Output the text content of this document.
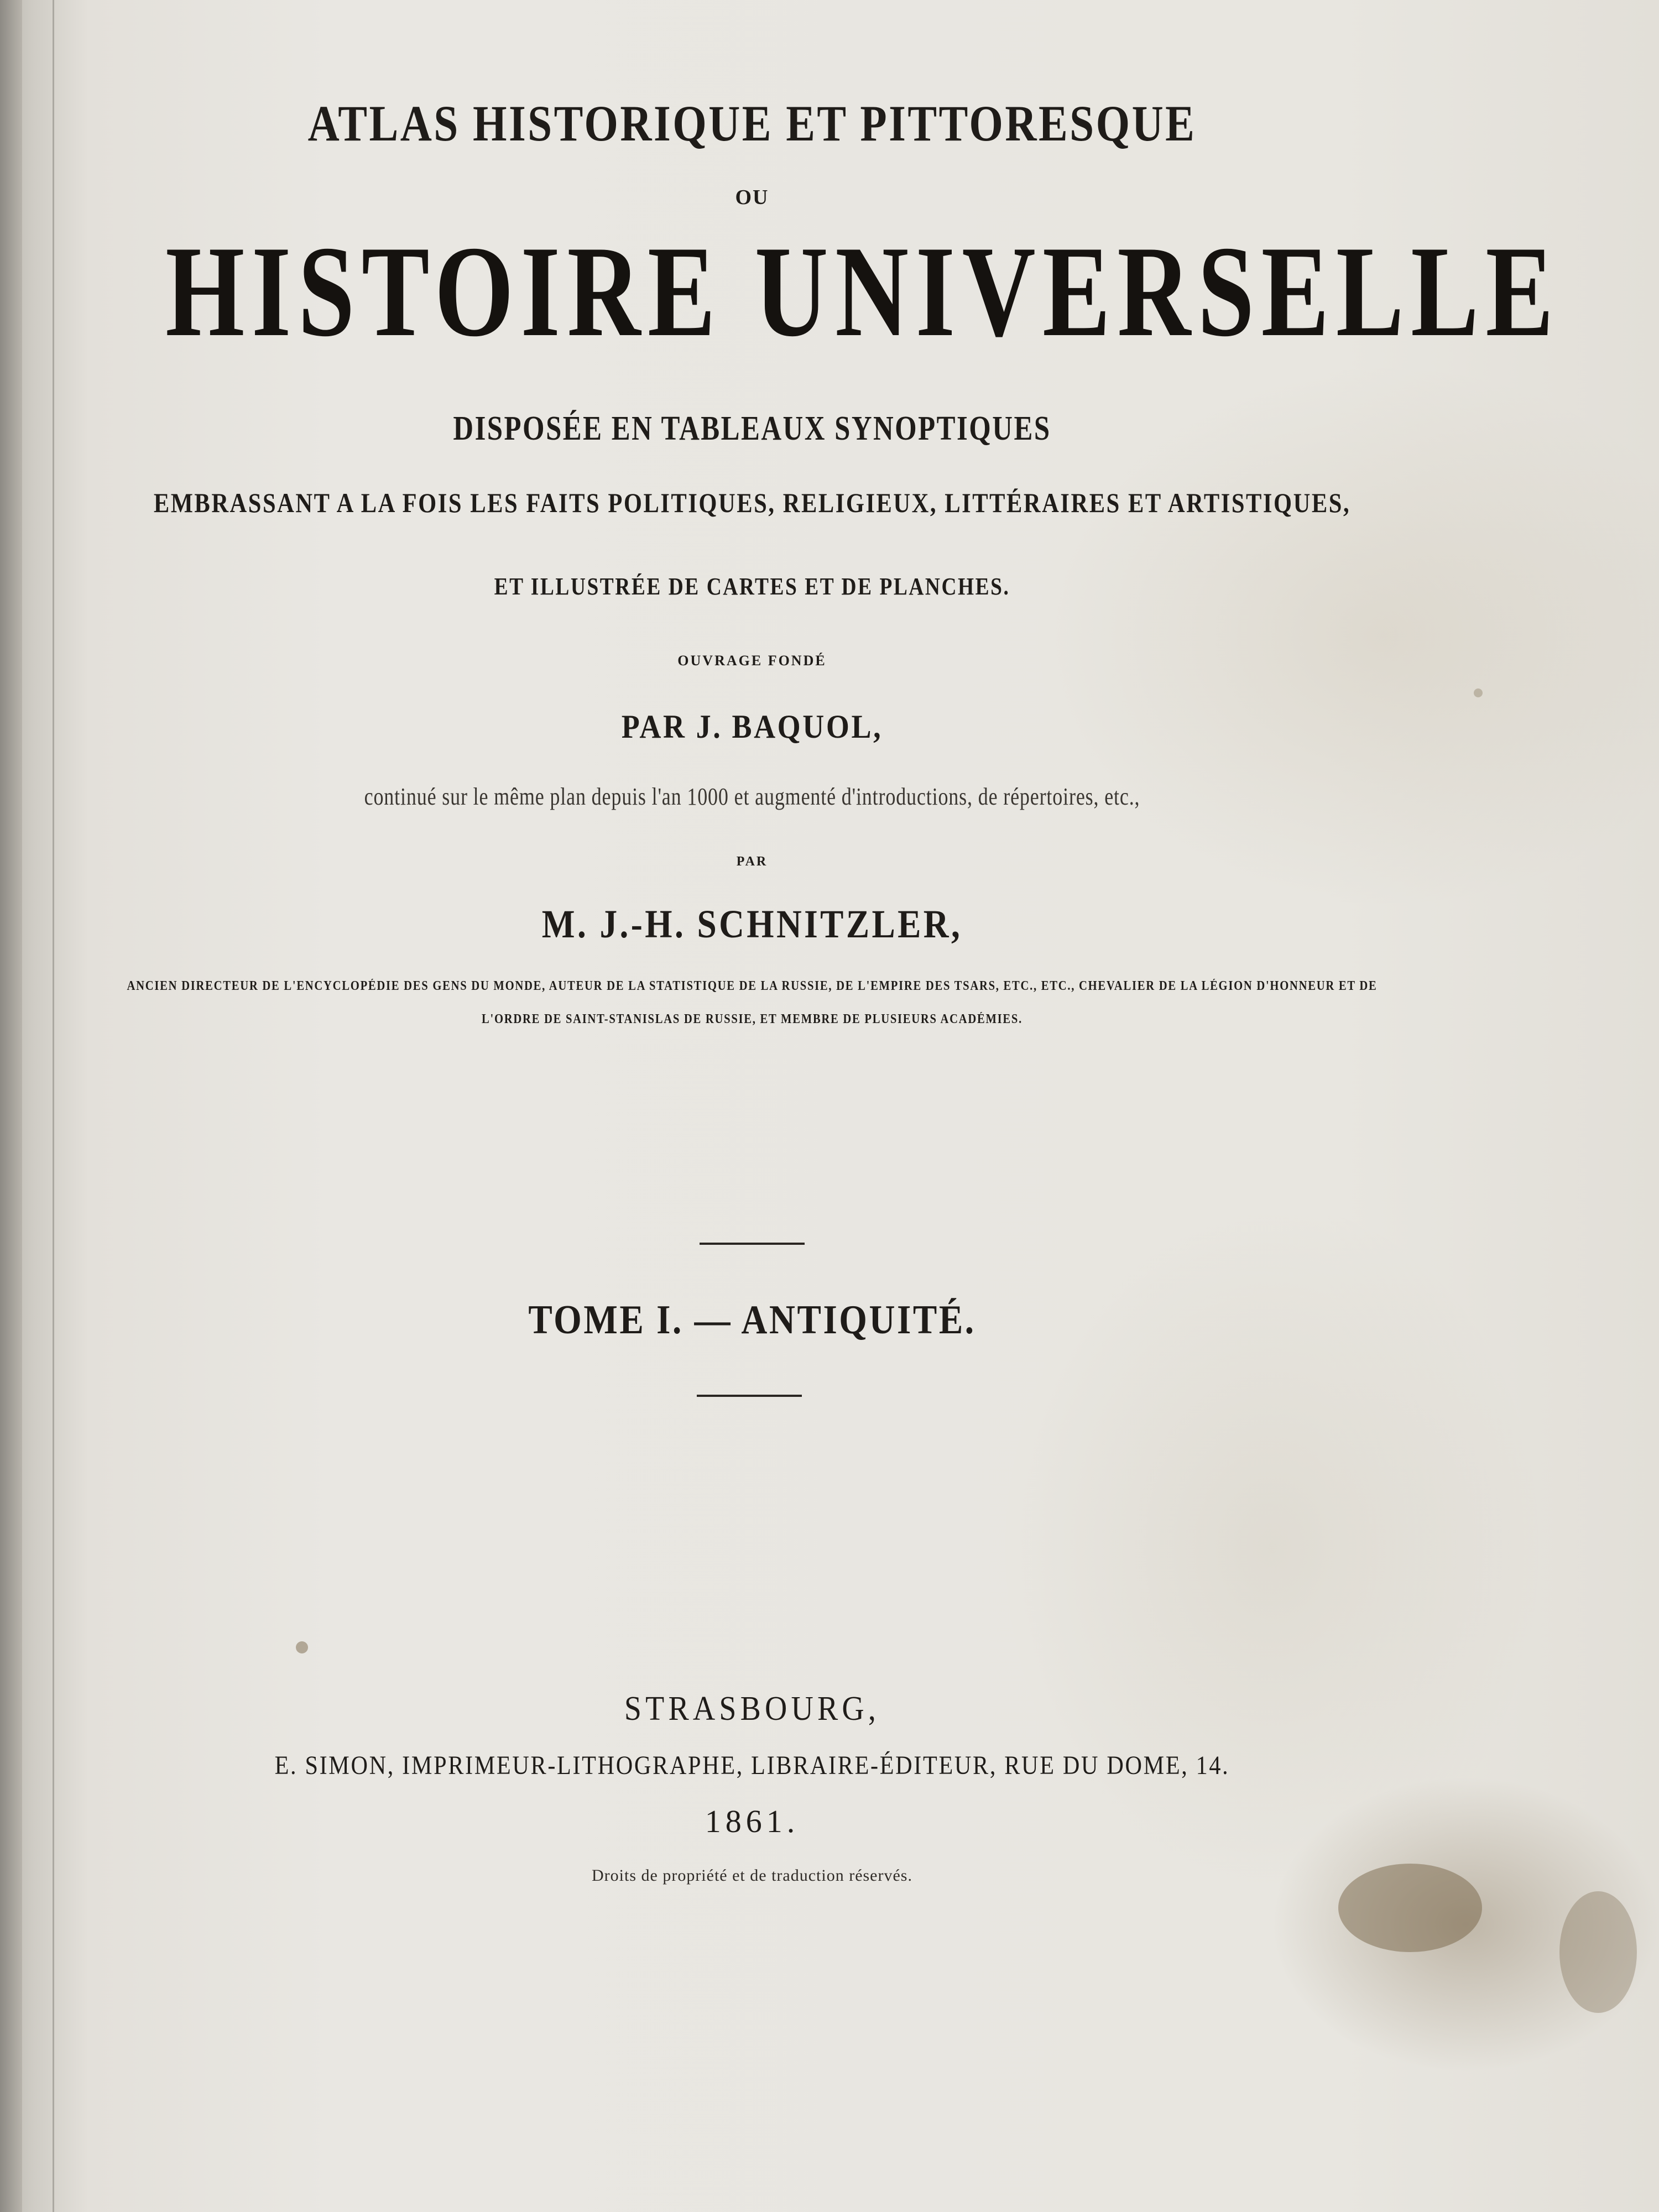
ATLAS HISTORIQUE ET PITTORESQUE

OU

HISTOIRE UNIVERSELLE

DISPOSÉE EN TABLEAUX SYNOPTIQUES

EMBRASSANT A LA FOIS LES FAITS POLITIQUES, RELIGIEUX, LITTÉRAIRES ET ARTISTIQUES,

ET ILLUSTRÉE DE CARTES ET DE PLANCHES.

OUVRAGE FONDÉ

PAR J. BAQUOL,

continué sur le même plan depuis l'an 1000 et augmenté d'introductions, de répertoires, etc.,

PAR

M. J.-H. SCHNITZLER,

ANCIEN DIRECTEUR DE L'ENCYCLOPÉDIE DES GENS DU MONDE, AUTEUR DE LA STATISTIQUE DE LA RUSSIE, DE L'EMPIRE DES TSARS, ETC., ETC., CHEVALIER DE LA LÉGION D'HONNEUR ET DE

L'ORDRE DE SAINT-STANISLAS DE RUSSIE, ET MEMBRE DE PLUSIEURS ACADÉMIES.

TOME I. — ANTIQUITÉ.

STRASBOURG,

E. SIMON, IMPRIMEUR-LITHOGRAPHE, LIBRAIRE-ÉDITEUR, RUE DU DOME, 14.

1861.

Droits de propriété et de traduction réservés.
